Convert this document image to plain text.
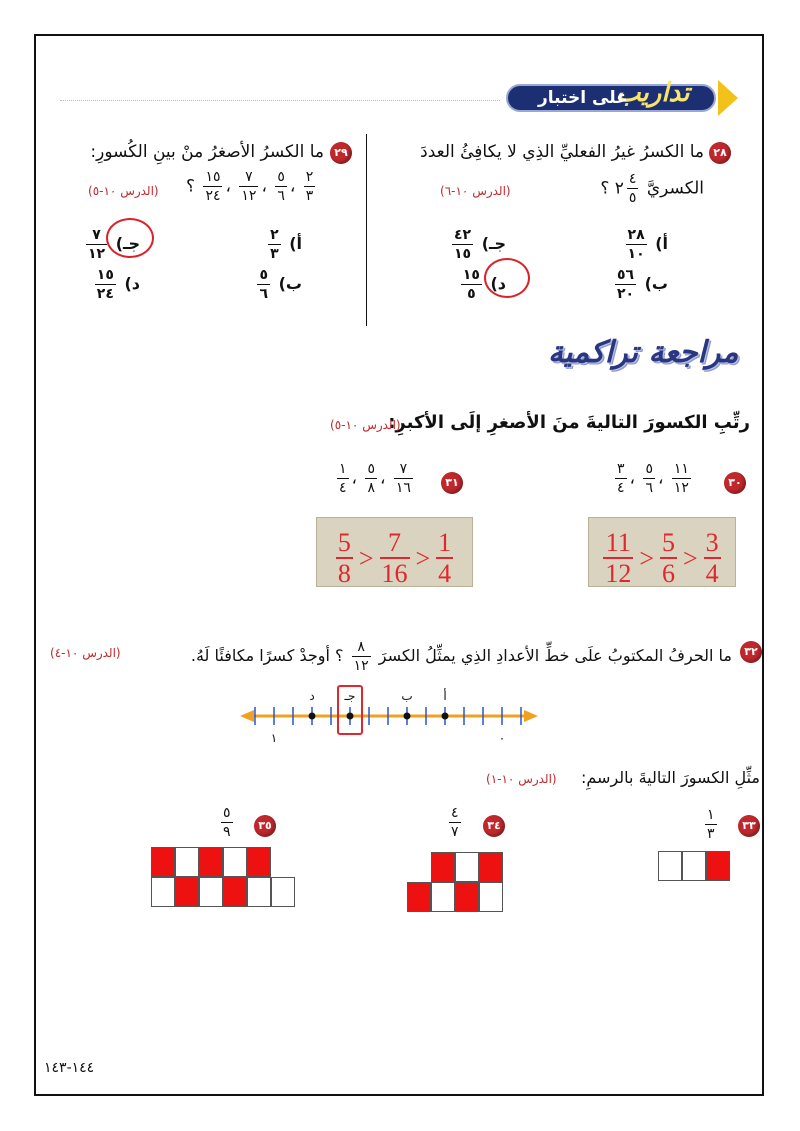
تداريب
على اختبار
٢٨
ما الكسرُ غيرُ الفعليِّ الذِي لا يكافِئُ العددَ
الكسريَّ
$\frac{٤}{٥}$
٢ ؟
(الدرس ١٠-٦)
أ)
$\frac{٢٨}{١٠}$
ب)
$\frac{٥٦}{٢٠}$
جـ)
$\frac{٤٢}{١٥}$
د)
$\frac{١٥}{٥}$
٢٩
ما الكسرُ الأصغرُ منْ بينِ الكُسورِ:
؟ $\frac{١٥}{٢٤}$ ، $\frac{٧}{١٢}$ ، $\frac{٥}{٦}$ ، $\frac{٢}{٣}$
(الدرس ١٠-٥)
أ)
$\frac{٢}{٣}$
ب)
$\frac{٥}{٦}$
جـ)
$\frac{٧}{١٢}$
د)
$\frac{١٥}{٢٤}$
مراجعة تراكمية
رتِّبِ الكسورَ التاليةَ منَ الأصغرِ إلَى الأكبرِ:
(الدرس ١٠-٥)
٣٠
$\frac{٣}{٤}$ ، $\frac{٥}{٦}$ ، $\frac{١١}{١٢}$
$\frac{11}{12} > \frac{5}{6} > \frac{3}{4}$
٣١
$\frac{١}{٤}$ ، $\frac{٥}{٨}$ ، $\frac{٧}{١٦}$
$\frac{5}{8} > \frac{7}{16} > \frac{1}{4}$
٣٢
ما الحرفُ المكتوبُ علَى خطِّ الأعدادِ الذِي يمثِّلُ الكسرَ
$\frac{٨}{١٢}$
؟ أوجدْ كسرًا مكافئًا لَهُ.
(الدرس ١٠-٤)
أ
ب
جـ
د
٠
١
مثِّلِ الكسورَ التاليةَ بالرسمِ:
(الدرس ١٠-١)
٣٣
$\frac{١}{٣}$
٣٤
$\frac{٤}{٧}$
٣٥
$\frac{٥}{٩}$
١٤٤-١٤٣
